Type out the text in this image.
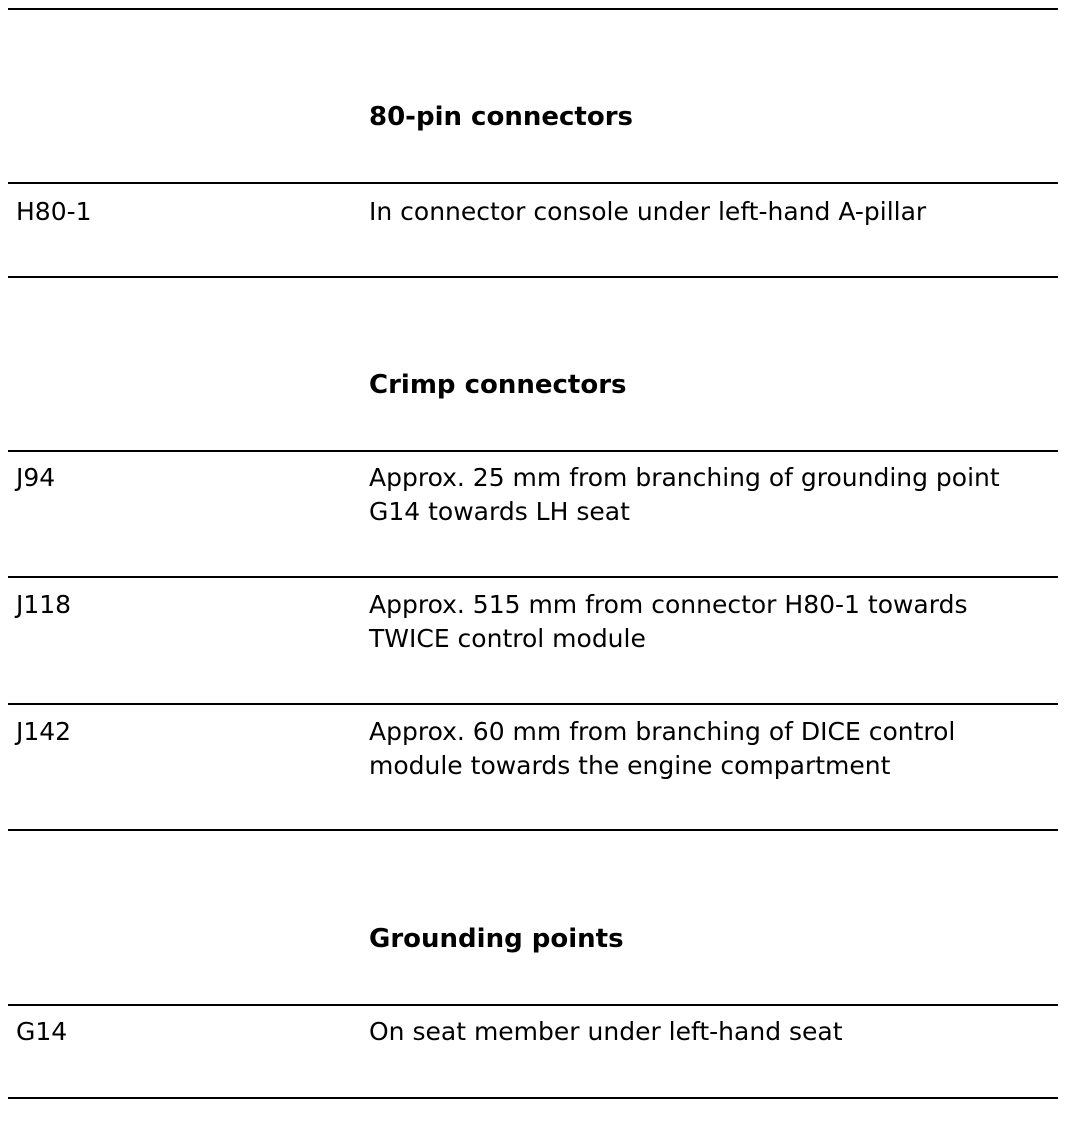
80-pin connectors
H80-1	In connector console under left-hand A-pillar
Crimp connectors
J94	Approx. 25 mm from branching of grounding point G14 towards LH seat
J118	Approx. 515 mm from connector H80-1 towards TWICE control module
J142	Approx. 60 mm from branching of DICE control module towards the engine compartment
Grounding points
G14	On seat member under left-hand seat
